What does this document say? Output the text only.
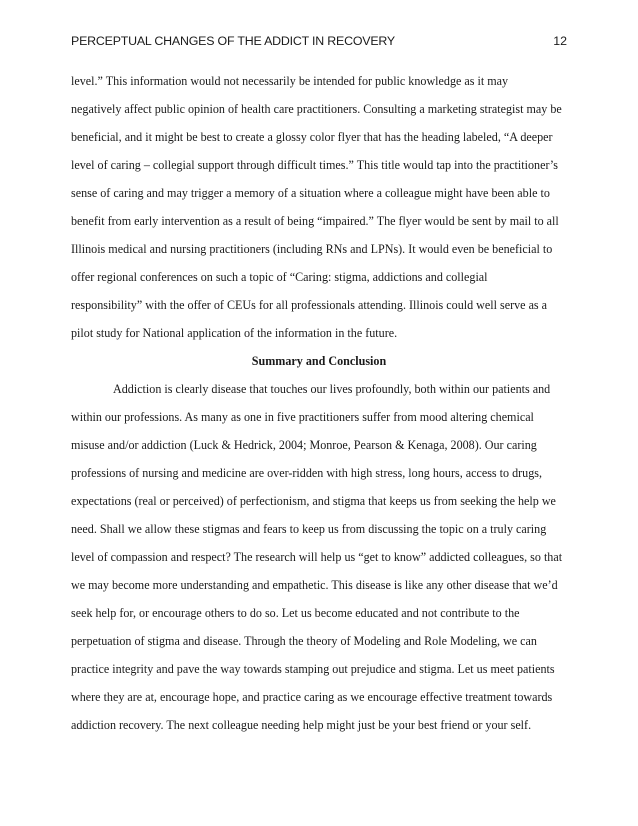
PERCEPTUAL CHANGES OF THE ADDICT IN RECOVERY	12
level.” This information would not necessarily be intended for public knowledge as it may
negatively affect public opinion of health care practitioners. Consulting a marketing strategist may be
beneficial, and it might be best to create a glossy color flyer that has the heading labeled, “A deeper
level of caring – collegial support through difficult times.” This title would tap into the practitioner’s
sense of caring and may trigger a memory of a situation where a colleague might have been able to
benefit from early intervention as a result of being “impaired.” The flyer would be sent by mail to all
Illinois medical and nursing practitioners (including RNs and LPNs). It would even be beneficial to
offer regional conferences on such a topic of “Caring: stigma, addictions and collegial
responsibility” with the offer of CEUs for all professionals attending. Illinois could well serve as a
pilot study for National application of the information in the future.
Summary and Conclusion
Addiction is clearly disease that touches our lives profoundly, both within our patients and
within our professions. As many as one in five practitioners suffer from mood altering chemical
misuse and/or addiction (Luck & Hedrick, 2004; Monroe, Pearson & Kenaga, 2008). Our caring
professions of nursing and medicine are over-ridden with high stress, long hours, access to drugs,
expectations (real or perceived) of perfectionism, and stigma that keeps us from seeking the help we
need. Shall we allow these stigmas and fears to keep us from discussing the topic on a truly caring
level of compassion and respect? The research will help us “get to know” addicted colleagues, so that
we may become more understanding and empathetic. This disease is like any other disease that we’d
seek help for, or encourage others to do so. Let us become educated and not contribute to the
perpetuation of stigma and disease. Through the theory of Modeling and Role Modeling, we can
practice integrity and pave the way towards stamping out prejudice and stigma. Let us meet patients
where they are at, encourage hope, and practice caring as we encourage effective treatment towards
addiction recovery. The next colleague needing help might just be your best friend or your self.
